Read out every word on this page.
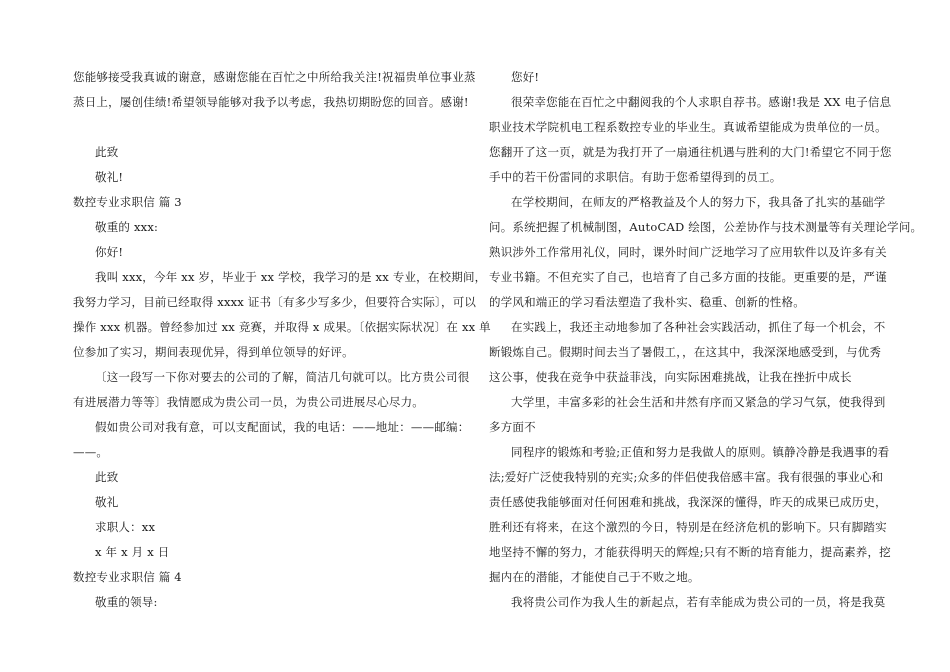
您能够接受我真诚的谢意，感谢您能在百忙之中所给我关注!祝福贵单位事业蒸
蒸日上，屡创佳绩!希望领导能够对我予以考虑，我热切期盼您的回音。感谢!
此致
敬礼!
数控专业求职信 篇 3
敬重的 xxx:
你好!
我叫 xxx，今年 xx 岁，毕业于 xx 学校，我学习的是 xx 专业，在校期间，
我努力学习，目前已经取得 xxxx 证书〔有多少写多少，但要符合实际〕，可以
操作 xxx 机器。曾经参加过 xx 竞赛，并取得 x 成果。〔依据实际状况〕在 xx 单
位参加了实习，期间表现优异，得到单位领导的好评。
〔这一段写一下你对要去的公司的了解，简洁几句就可以。比方贵公司很
有进展潜力等等〕我情愿成为贵公司一员，为贵公司进展尽心尽力。
假如贵公司对我有意，可以支配面试，我的电话：——地址：——邮编：
——。
此致
敬礼
求职人：xx
x 年 x 月 x 日
数控专业求职信 篇 4
敬重的领导:
您好!
很荣幸您能在百忙之中翻阅我的个人求职自荐书。感谢!我是 XX 电子信息
职业技术学院机电工程系数控专业的毕业生。真诚希望能成为贵单位的一员。
您翻开了这一页，就是为我打开了一扇通往机遇与胜利的大门!希望它不同于您
手中的若干份雷同的求职信。有助于您希望得到的员工。
在学校期间，在师友的严格教益及个人的努力下，我具备了扎实的基础学
问。系统把握了机械制图，AutoCAD 绘图，公差协作与技术测量等有关理论学问。
熟识涉外工作常用礼仪，同时，课外时间广泛地学习了应用软件以及许多有关
专业书籍。不但充实了自己，也培育了自己多方面的技能。更重要的是，严谨
的学风和端正的学习看法塑造了我朴实、稳重、创新的性格。
在实践上，我还主动地参加了各种社会实践活动，抓住了每一个机会，不
断锻炼自己。假期时间去当了暑假工，，在这其中，我深深地感受到，与优秀
这公事，使我在竞争中获益菲浅，向实际困难挑战，让我在挫折中成长
大学里，丰富多彩的社会生活和井然有序而又紧急的学习气氛，使我得到
多方面不
同程序的锻炼和考验;正值和努力是我做人的原则。镇静冷静是我遇事的看
法;爱好广泛使我特别的充实;众多的伴侣使我倍感丰富。我有很强的事业心和
责任感使我能够面对任何困难和挑战，我深深的懂得，昨天的成果已成历史，
胜利还有将来，在这个激烈的今日，特别是在经济危机的影响下。只有脚踏实
地坚持不懈的努力，才能获得明天的辉煌;只有不断的培育能力，提高素养，挖
掘内在的潜能，才能使自己于不败之地。
我将贵公司作为我人生的新起点，若有幸能成为贵公司的一员，将是我莫
